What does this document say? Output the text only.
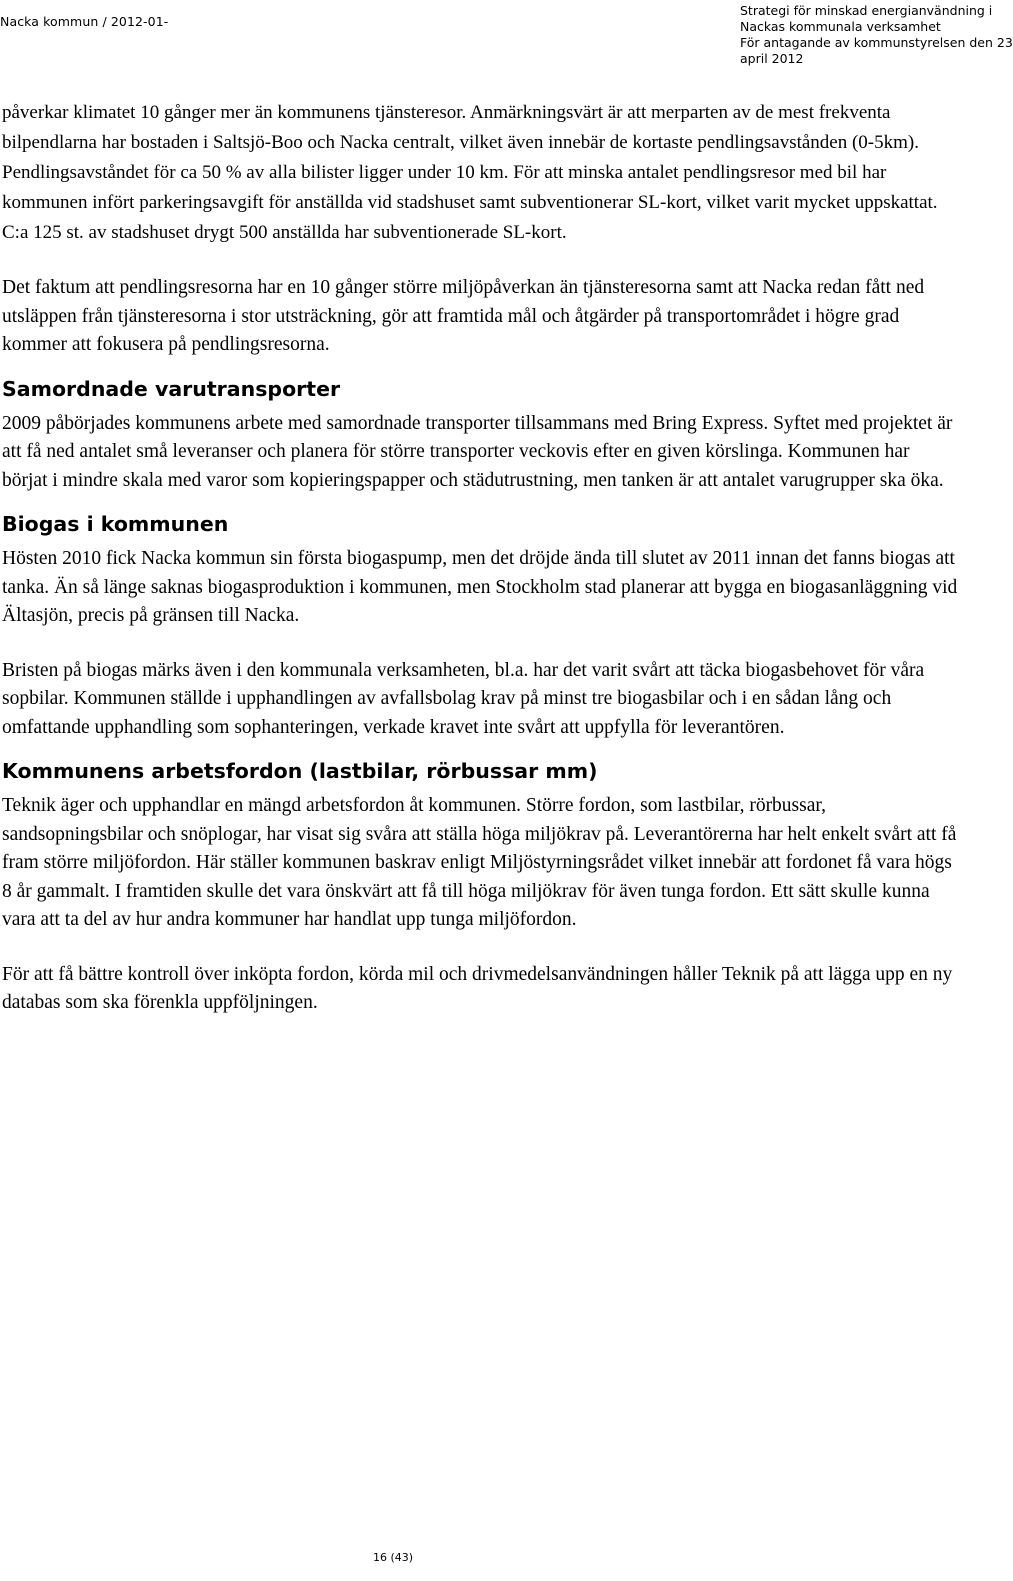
Nacka kommun / 2012-01-
Strategi för minskad energianvändning i
Nackas kommunala verksamhet
För antagande av kommunstyrelsen den 23
april 2012

påverkar klimatet 10 gånger mer än kommunens tjänsteresor. Anmärkningsvärt är att merparten av de mest frekventa bilpendlarna har bostaden i Saltsjö-Boo och Nacka centralt, vilket även innebär de kortaste pendlingsavstånden (0-5km). Pendlingsavståndet för ca 50 % av alla bilister ligger under 10 km. För att minska antalet pendlingsresor med bil har kommunen infört parkeringsavgift för anställda vid stadshuset samt subventionerar SL-kort, vilket varit mycket uppskattat. C:a 125 st. av stadshuset drygt 500 anställda har subventionerade SL-kort.

Det faktum att pendlingsresorna har en 10 gånger större miljöpåverkan än tjänsteresorna samt att Nacka redan fått ned utsläppen från tjänsteresorna i stor utsträckning, gör att framtida mål och åtgärder på transportområdet i högre grad kommer att fokusera på pendlingsresorna.

Samordnade varutransporter

2009 påbörjades kommunens arbete med samordnade transporter tillsammans med Bring Express. Syftet med projektet är att få ned antalet små leveranser och planera för större transporter veckovis efter en given körslinga. Kommunen har börjat i mindre skala med varor som kopieringspapper och städutrustning, men tanken är att antalet varugrupper ska öka.

Biogas i kommunen

Hösten 2010 fick Nacka kommun sin första biogaspump, men det dröjde ända till slutet av 2011 innan det fanns biogas att tanka. Än så länge saknas biogasproduktion i kommunen, men Stockholm stad planerar att bygga en biogasanläggning vid Ältasjön, precis på gränsen till Nacka.

Bristen på biogas märks även i den kommunala verksamheten, bl.a. har det varit svårt att täcka biogasbehovet för våra sopbilar. Kommunen ställde i upphandlingen av avfallsbolag krav på minst tre biogasbilar och i en sådan lång och omfattande upphandling som sophanteringen, verkade kravet inte svårt att uppfylla för leverantören.

Kommunens arbetsfordon (lastbilar, rörbussar mm)

Teknik äger och upphandlar en mängd arbetsfordon åt kommunen. Större fordon, som lastbilar, rörbussar, sandsopningsbilar och snöplogar, har visat sig svåra att ställa höga miljökrav på. Leverantörerna har helt enkelt svårt att få fram större miljöfordon. Här ställer kommunen baskrav enligt Miljöstyrningsrådet vilket innebär att fordonet få vara högs 8 år gammalt. I framtiden skulle det vara önskvärt att få till höga miljökrav för även tunga fordon. Ett sätt skulle kunna vara att ta del av hur andra kommuner har handlat upp tunga miljöfordon.

För att få bättre kontroll över inköpta fordon, körda mil och drivmedelsanvändningen håller Teknik på att lägga upp en ny databas som ska förenkla uppföljningen.

16 (43)
